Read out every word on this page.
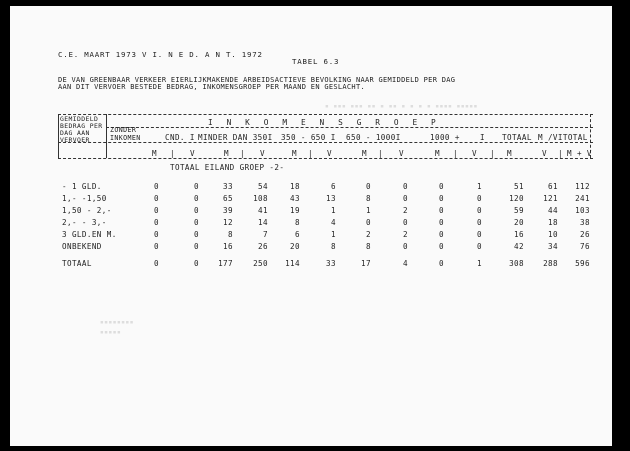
C.E. MAART 1973 V I. N E D. A N T. 1972
TABEL 6.3
DE VAN GREENBAAR VERKEER EIERLIJKMAKENDE ARBEIDSACTIEVE BEVOLKING NAAR GEMIDDELD PER DAG
AAN DIT VERVOER BESTEDE BEDRAG, INKOMENSGROEP PER MAAND EN GESLACHT.
▪ ▪▪▪ ▪▪▪ ▪▪ ▪ ▪▪ ▪ ▪ ▪ ▪ ▪▪▪▪ ▪▪▪▪▪
GEMIDDELD
BEDRAG PER
DAG AAN
VERVOER
I N K O M E N S G R O E P
ZONDER
INKOMEN	CND. I MINDER DAN 350I 350 - 650 I 650 - 1000I	1000 +	I TOTAAL M /VITOTAL
M	V	M	V	M	V	M	V	M	V	M	V	M + V
|	|	|	|	|	|	|
TOTAAL EILAND GROEP -2-
- 1 GLD.	0	0	33	54	18	6	0	0	0	1	51	61	112
1,- -1,50	0	0	65	108	43	13	8	0	0	0	120	121	241
1,50 - 2,-	0	0	39	41	19	1	1	2	0	0	59	44	103
2,- - 3,-	0	0	12	14	8	4	0	0	0	0	20	18	38
3 GLD.EN M.	0	0	8	7	6	1	2	2	0	0	16	10	26
ONBEKEND	0	0	16	26	20	8	8	0	0	0	42	34	76
TOTAAL	0	0	177	250	114	33	17	4	0	1	308	288	596
▪▪▪▪▪▪▪▪
▪▪▪▪▪
